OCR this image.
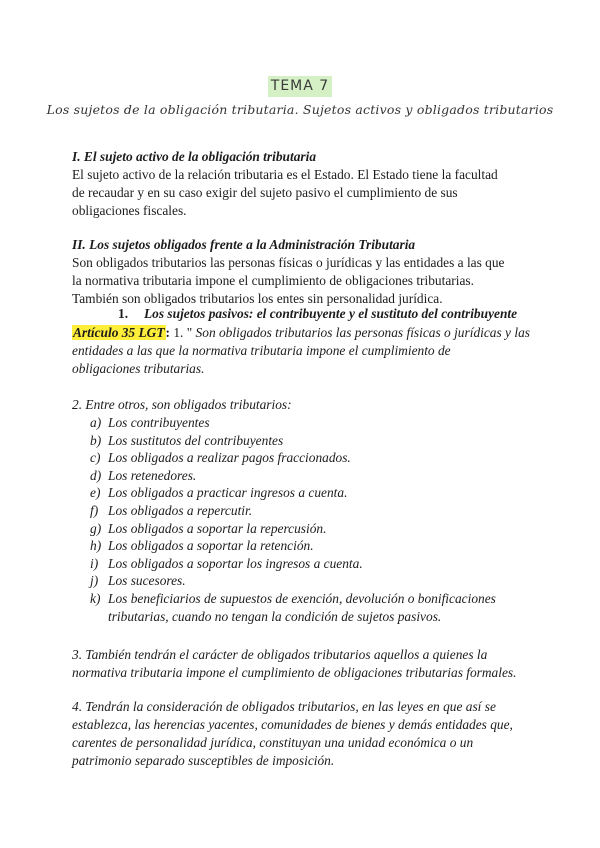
TEMA 7
Los sujetos de la obligación tributaria. Sujetos activos y obligados tributarios
I. El sujeto activo de la obligación tributaria
El sujeto activo de la relación tributaria es el Estado. El Estado tiene la facultad
de recaudar y en su caso exigir del sujeto pasivo el cumplimiento de sus
obligaciones fiscales.
II. Los sujetos obligados frente a la Administración Tributaria
Son obligados tributarios las personas físicas o jurídicas y las entidades a las que
la normativa tributaria impone el cumplimiento de obligaciones tributarias.
También son obligados tributarios los entes sin personalidad jurídica.
1. Los sujetos pasivos: el contribuyente y el sustituto del contribuyente
Artículo 35 LGT: 1. " Son obligados tributarios las personas físicas o jurídicas y las
entidades a las que la normativa tributaria impone el cumplimiento de
obligaciones tributarias.
2. Entre otros, son obligados tributarios:
a) Los contribuyentes
b) Los sustitutos del contribuyentes
c) Los obligados a realizar pagos fraccionados.
d) Los retenedores.
e) Los obligados a practicar ingresos a cuenta.
f) Los obligados a repercutir.
g) Los obligados a soportar la repercusión.
h) Los obligados a soportar la retención.
i) Los obligados a soportar los ingresos a cuenta.
j) Los sucesores.
k) Los beneficiarios de supuestos de exención, devolución o bonificaciones
tributarias, cuando no tengan la condición de sujetos pasivos.
3. También tendrán el carácter de obligados tributarios aquellos a quienes la
normativa tributaria impone el cumplimiento de obligaciones tributarias formales.
4. Tendrán la consideración de obligados tributarios, en las leyes en que así se
establezca, las herencias yacentes, comunidades de bienes y demás entidades que,
carentes de personalidad jurídica, constituyan una unidad económica o un
patrimonio separado susceptibles de imposición.
